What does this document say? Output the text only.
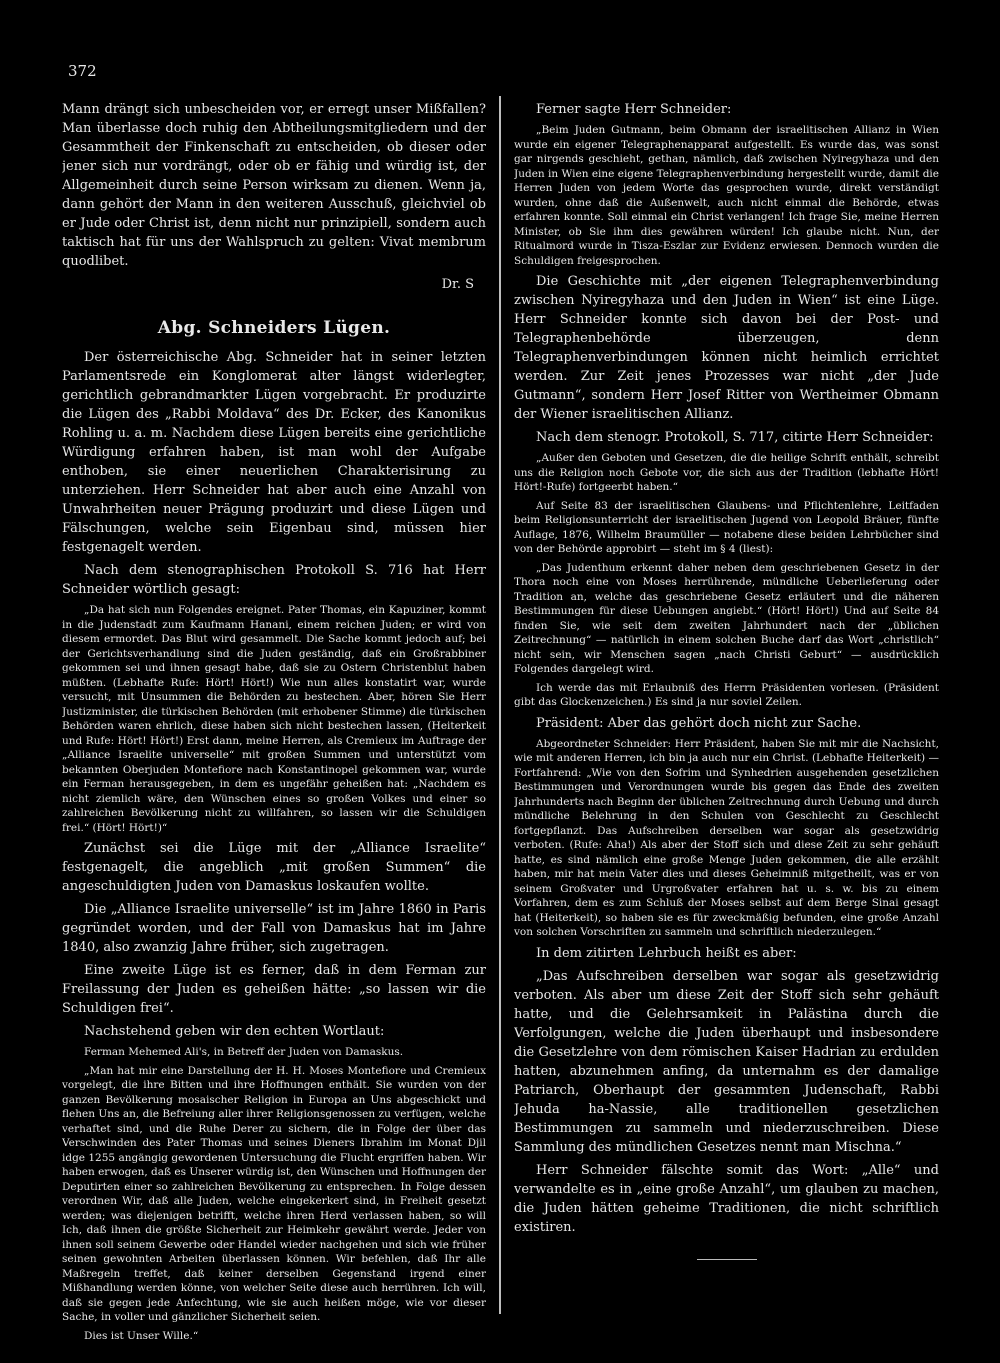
372

Mann drängt sich unbescheiden vor, er erregt unser Mißfallen? Man überlasse doch ruhig den Abtheilungsmitgliedern und der Gesammtheit der Finkenschaft zu entscheiden, ob dieser oder jener sich nur vordrängt, oder ob er fähig und würdig ist, der Allgemeinheit durch seine Person wirksam zu dienen. Wenn ja, dann gehört der Mann in den weiteren Ausschuß, gleichviel ob er Jude oder Christ ist, denn nicht nur prinzipiell, sondern auch taktisch hat für uns der Wahlspruch zu gelten: Vivat membrum quodlibet.

Dr. S
Abg. Schneiders Lügen.

Der österreichische Abg. Schneider hat in seiner letzten Parlamentsrede ein Konglomerat alter längst widerlegter, gerichtlich gebrandmarkter Lügen vorgebracht. Er produzirte die Lügen des „Rabbi Moldava“ des Dr. Ecker, des Kanonikus Rohling u. a. m. Nachdem diese Lügen bereits eine gerichtliche Würdigung erfahren haben, ist man wohl der Aufgabe enthoben, sie einer neuerlichen Charakterisirung zu unterziehen. Herr Schneider hat aber auch eine Anzahl von Unwahrheiten neuer Prägung produzirt und diese Lügen und Fälschungen, welche sein Eigenbau sind, müssen hier festgenagelt werden.

Nach dem stenographischen Protokoll S. 716 hat Herr Schneider wörtlich gesagt:

„Da hat sich nun Folgendes ereignet. Pater Thomas, ein Kapuziner, kommt in die Judenstadt zum Kaufmann Hanani, einem reichen Juden; er wird von diesem ermordet. Das Blut wird gesammelt. Die Sache kommt jedoch auf; bei der Gerichtsverhandlung sind die Juden geständig, daß ein Großrabbiner gekommen sei und ihnen gesagt habe, daß sie zu Ostern Christenblut haben müßten. (Lebhafte Rufe: Hört! Hört!) Wie nun alles konstatirt war, wurde versucht, mit Unsummen die Behörden zu bestechen. Aber, hören Sie Herr Justizminister, die türkischen Behörden (mit erhobener Stimme) die türkischen Behörden waren ehrlich, diese haben sich nicht bestechen lassen, (Heiterkeit und Rufe: Hört! Hört!) Erst dann, meine Herren, als Cremieux im Auftrage der „Alliance Israelite universelle“ mit großen Summen und unterstützt vom bekannten Oberjuden Montefiore nach Konstantinopel gekommen war, wurde ein Ferman herausgegeben, in dem es ungefähr geheißen hat: „Nachdem es nicht ziemlich wäre, den Wünschen eines so großen Volkes und einer so zahlreichen Bevölkerung nicht zu willfahren, so lassen wir die Schuldigen frei.“ (Hört! Hört!)“

Zunächst sei die Lüge mit der „Alliance Israelite“ festgenagelt, die angeblich „mit großen Summen“ die angeschuldigten Juden von Damaskus loskaufen wollte.

Die „Alliance Israelite universelle“ ist im Jahre 1860 in Paris gegründet worden, und der Fall von Damaskus hat im Jahre 1840, also zwanzig Jahre früher, sich zugetragen.

Eine zweite Lüge ist es ferner, daß in dem Ferman zur Freilassung der Juden es geheißen hätte: „so lassen wir die Schuldigen frei“.

Nachstehend geben wir den echten Wortlaut:

Ferman Mehemed Ali's, in Betreff der Juden von Damaskus.

„Man hat mir eine Darstellung der H. H. Moses Montefiore und Cremieux vorgelegt, die ihre Bitten und ihre Hoffnungen enthält. Sie wurden von der ganzen Bevölkerung mosaischer Religion in Europa an Uns abgeschickt und flehen Uns an, die Befreiung aller ihrer Religionsgenossen zu verfügen, welche verhaftet sind, und die Ruhe Derer zu sichern, die in Folge der über das Verschwinden des Pater Thomas und seines Dieners Ibrahim im Monat Djil idge 1255 angängig gewordenen Untersuchung die Flucht ergriffen haben. Wir haben erwogen, daß es Unserer würdig ist, den Wünschen und Hoffnungen der Deputirten einer so zahlreichen Bevölkerung zu entsprechen. In Folge dessen verordnen Wir, daß alle Juden, welche eingekerkert sind, in Freiheit gesetzt werden; was diejenigen betrifft, welche ihren Herd verlassen haben, so will Ich, daß ihnen die größte Sicherheit zur Heimkehr gewährt werde. Jeder von ihnen soll seinem Gewerbe oder Handel wieder nachgehen und sich wie früher seinen gewohnten Arbeiten überlassen können. Wir befehlen, daß Ihr alle Maßregeln treffet, daß keiner derselben Gegenstand irgend einer Mißhandlung werden könne, von welcher Seite diese auch herrühren. Ich will, daß sie gegen jede Anfechtung, wie sie auch heißen möge, wie vor dieser Sache, in voller und gänzlicher Sicherheit seien.

Dies ist Unser Wille.“

Ferner sagte Herr Schneider:

„Beim Juden Gutmann, beim Obmann der israelitischen Allianz in Wien wurde ein eigener Telegraphenapparat aufgestellt. Es wurde das, was sonst gar nirgends geschieht, gethan, nämlich, daß zwischen Nyiregyhaza und den Juden in Wien eine eigene Telegraphenverbindung hergestellt wurde, damit die Herren Juden von jedem Worte das gesprochen wurde, direkt verständigt wurden, ohne daß die Außenwelt, auch nicht einmal die Behörde, etwas erfahren konnte. Soll einmal ein Christ verlangen! Ich frage Sie, meine Herren Minister, ob Sie ihm dies gewähren würden! Ich glaube nicht. Nun, der Ritualmord wurde in Tisza-Eszlar zur Evidenz erwiesen. Dennoch wurden die Schuldigen freigesprochen.

Die Geschichte mit „der eigenen Telegraphenverbindung zwischen Nyiregyhaza und den Juden in Wien“ ist eine Lüge. Herr Schneider konnte sich davon bei der Post- und Telegraphenbehörde überzeugen, denn Telegraphenverbindungen können nicht heimlich errichtet werden. Zur Zeit jenes Prozesses war nicht „der Jude Gutmann“, sondern Herr Josef Ritter von Wertheimer Obmann der Wiener israelitischen Allianz.

Nach dem stenogr. Protokoll, S. 717, citirte Herr Schneider:

„Außer den Geboten und Gesetzen, die die heilige Schrift enthält, schreibt uns die Religion noch Gebote vor, die sich aus der Tradition (lebhafte Hört! Hört!-Rufe) fortgeerbt haben.“

Auf Seite 83 der israelitischen Glaubens- und Pflichtenlehre, Leitfaden beim Religionsunterricht der israelitischen Jugend von Leopold Bräuer, fünfte Auflage, 1876, Wilhelm Braumüller — notabene diese beiden Lehrbücher sind von der Behörde approbirt — steht im § 4 (liest):

„Das Judenthum erkennt daher neben dem geschriebenen Gesetz in der Thora noch eine von Moses herrührende, mündliche Ueberlieferung oder Tradition an, welche das geschriebene Gesetz erläutert und die näheren Bestimmungen für diese Uebungen angiebt.“ (Hört! Hört!) Und auf Seite 84 finden Sie, wie seit dem zweiten Jahrhundert nach der „üblichen Zeitrechnung“ — natürlich in einem solchen Buche darf das Wort „christlich“ nicht sein, wir Menschen sagen „nach Christi Geburt“ — ausdrücklich Folgendes dargelegt wird.

Ich werde das mit Erlaubniß des Herrn Präsidenten vorlesen. (Präsident gibt das Glockenzeichen.) Es sind ja nur soviel Zeilen.

Präsident: Aber das gehört doch nicht zur Sache.

Abgeordneter Schneider: Herr Präsident, haben Sie mit mir die Nachsicht, wie mit anderen Herren, ich bin ja auch nur ein Christ. (Lebhafte Heiterkeit) — Fortfahrend: „Wie von den Sofrim und Synhedrien ausgehenden gesetzlichen Bestimmungen und Verordnungen wurde bis gegen das Ende des zweiten Jahrhunderts nach Beginn der üblichen Zeitrechnung durch Uebung und durch mündliche Belehrung in den Schulen von Geschlecht zu Geschlecht fortgepflanzt. Das Aufschreiben derselben war sogar als gesetzwidrig verboten. (Rufe: Aha!) Als aber der Stoff sich und diese Zeit zu sehr gehäuft hatte, es sind nämlich eine große Menge Juden gekommen, die alle erzählt haben, mir hat mein Vater dies und dieses Geheimniß mitgetheilt, was er von seinem Großvater und Urgroßvater erfahren hat u. s. w. bis zu einem Vorfahren, dem es zum Schluß der Moses selbst auf dem Berge Sinai gesagt hat (Heiterkeit), so haben sie es für zweckmäßig befunden, eine große Anzahl von solchen Vorschriften zu sammeln und schriftlich niederzulegen.“

In dem zitirten Lehrbuch heißt es aber:

„Das Aufschreiben derselben war sogar als gesetzwidrig verboten. Als aber um diese Zeit der Stoff sich sehr gehäuft hatte, und die Gelehrsamkeit in Palästina durch die Verfolgungen, welche die Juden überhaupt und insbesondere die Gesetzlehre von dem römischen Kaiser Hadrian zu erdulden hatten, abzunehmen anfing, da unternahm es der damalige Patriarch, Oberhaupt der gesammten Judenschaft, Rabbi Jehuda ha-Nassie, alle traditionellen gesetzlichen Bestimmungen zu sammeln und niederzuschreiben. Diese Sammlung des mündlichen Gesetzes nennt man Mischna.“

Herr Schneider fälschte somit das Wort: „Alle“ und verwandelte es in „eine große Anzahl“, um glauben zu machen, die Juden hätten geheime Traditionen, die nicht schriftlich existiren.
